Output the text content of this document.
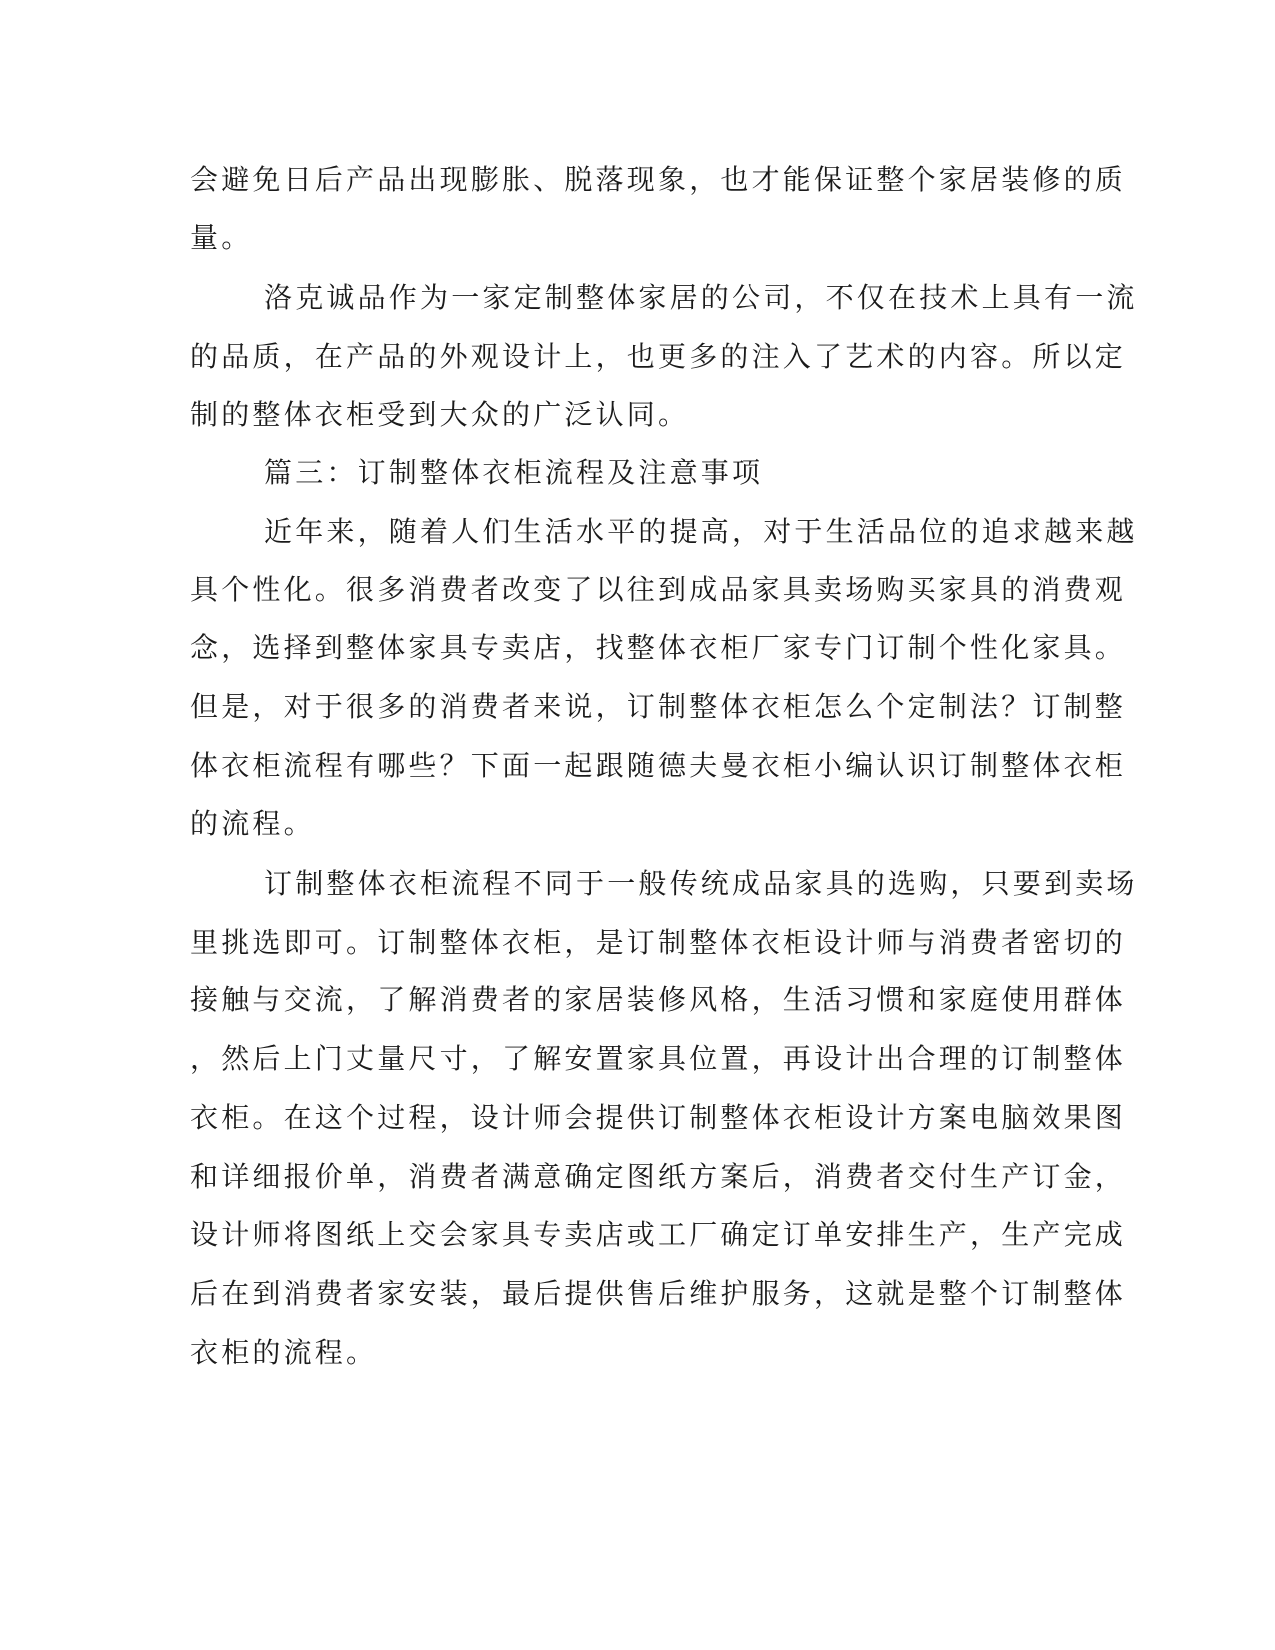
会避免日后产品出现膨胀、脱落现象，也才能保证整个家居装修的质

量。

洛克诚品作为一家定制整体家居的公司，不仅在技术上具有一流

的品质，在产品的外观设计上，也更多的注入了艺术的内容。所以定

制的整体衣柜受到大众的广泛认同。

篇三：订制整体衣柜流程及注意事项

近年来，随着人们生活水平的提高，对于生活品位的追求越来越

具个性化。很多消费者改变了以往到成品家具卖场购买家具的消费观

念，选择到整体家具专卖店，找整体衣柜厂家专门订制个性化家具。

但是，对于很多的消费者来说，订制整体衣柜怎么个定制法？订制整

体衣柜流程有哪些？下面一起跟随德夫曼衣柜小编认识订制整体衣柜

的流程。

订制整体衣柜流程不同于一般传统成品家具的选购，只要到卖场

里挑选即可。订制整体衣柜，是订制整体衣柜设计师与消费者密切的

接触与交流，了解消费者的家居装修风格，生活习惯和家庭使用群体

，然后上门丈量尺寸，了解安置家具位置，再设计出合理的订制整体

衣柜。在这个过程，设计师会提供订制整体衣柜设计方案电脑效果图

和详细报价单，消费者满意确定图纸方案后，消费者交付生产订金，

设计师将图纸上交会家具专卖店或工厂确定订单安排生产，生产完成

后在到消费者家安装，最后提供售后维护服务，这就是整个订制整体

衣柜的流程。
